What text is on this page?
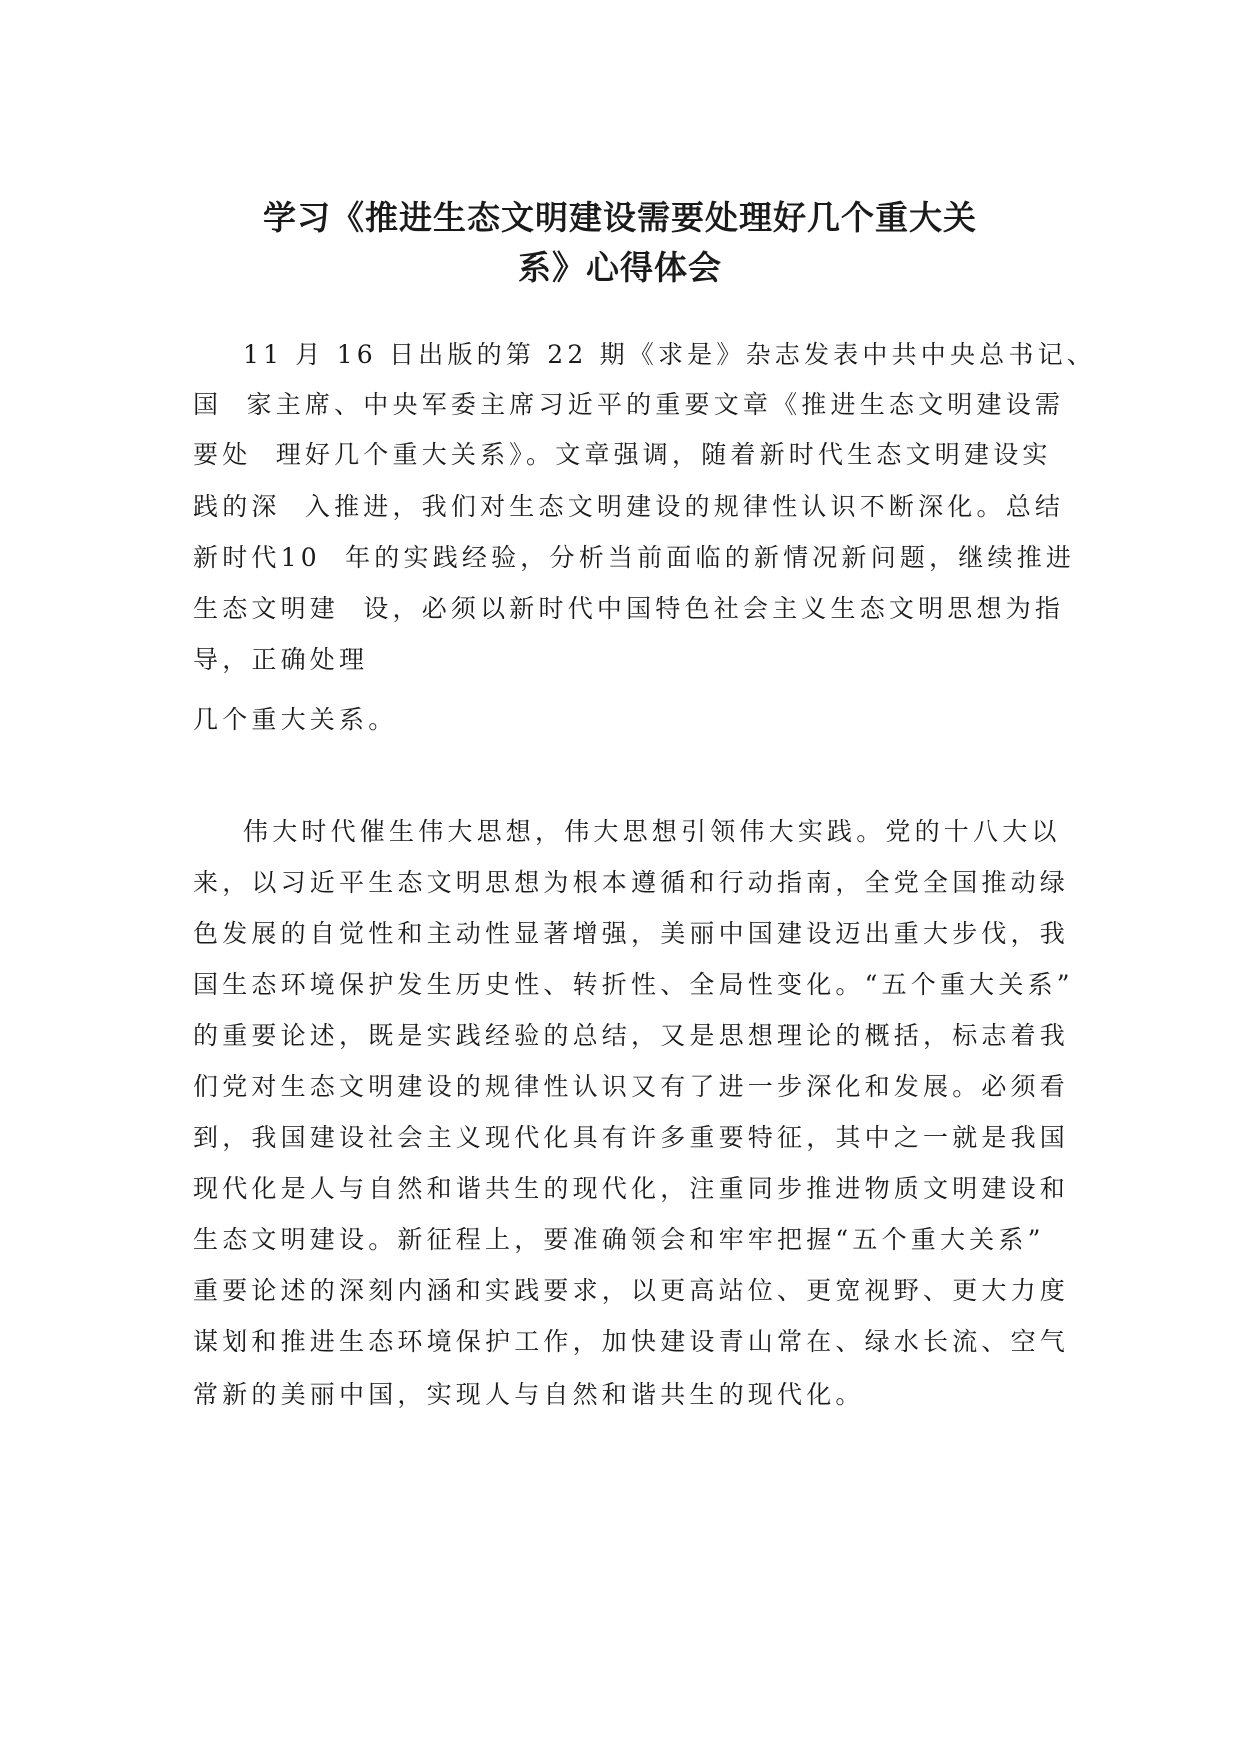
学习《推进生态文明建设需要处理好几个重大关
系》心得体会
11 月 16 日出版的第 22 期《求是》杂志发表中共中央总书记、
国  家主席、中央军委主席习近平的重要文章《推进生态文明建设需
要处  理好几个重大关系》。文章强调，随着新时代生态文明建设实
践的深  入推进，我们对生态文明建设的规律性认识不断深化。总结
新时代10  年的实践经验，分析当前面临的新情况新问题，继续推进
生态文明建  设，必须以新时代中国特色社会主义生态文明思想为指
导，正确处理
几个重大关系。
伟大时代催生伟大思想，伟大思想引领伟大实践。党的十八大以
来，以习近平生态文明思想为根本遵循和行动指南，全党全国推动绿
色发展的自觉性和主动性显著增强，美丽中国建设迈出重大步伐，我
国生态环境保护发生历史性、转折性、全局性变化。“五个重大关系”
的重要论述，既是实践经验的总结，又是思想理论的概括，标志着我
们党对生态文明建设的规律性认识又有了进一步深化和发展。必须看
到，我国建设社会主义现代化具有许多重要特征，其中之一就是我国
现代化是人与自然和谐共生的现代化，注重同步推进物质文明建设和
生态文明建设。新征程上，要准确领会和牢牢把握“五个重大关系”
重要论述的深刻内涵和实践要求，以更高站位、更宽视野、更大力度
谋划和推进生态环境保护工作，加快建设青山常在、绿水长流、空气
常新的美丽中国，实现人与自然和谐共生的现代化。
